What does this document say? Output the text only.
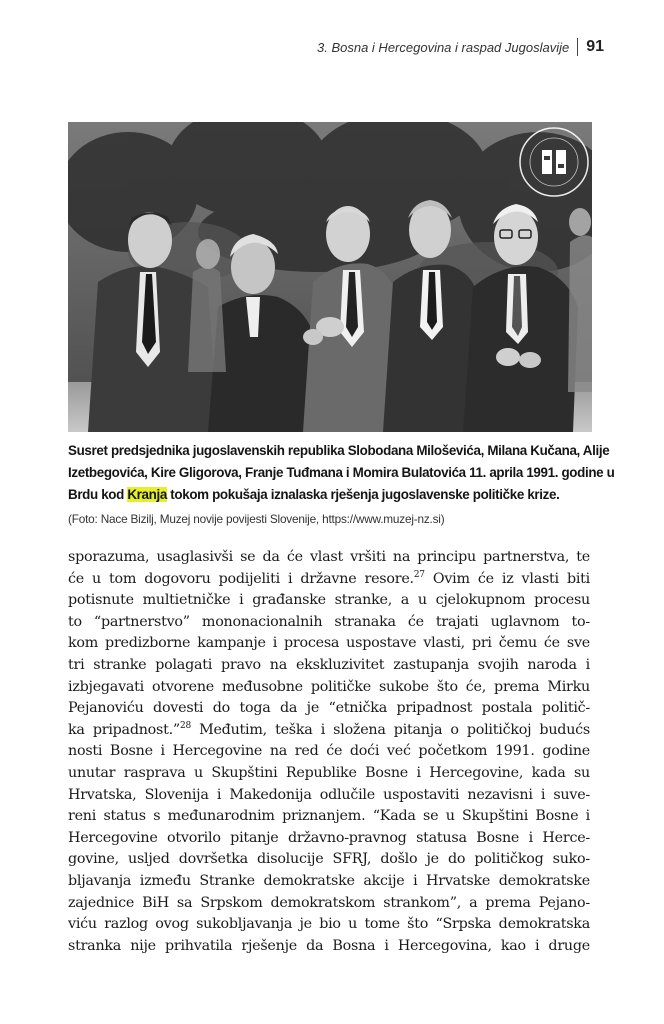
3. Bosna i Hercegovina i raspad Jugoslavije	91
Susret predsjednika jugoslavenskih republika Slobodana Miloševića, Milana Kučana, Alije
Izetbegovića, Kire Gligorova, Franje Tuđmana i Momira Bulatovića 11. aprila 1991. godine u
Brdu kod Kranja tokom pokušaja iznalaska rješenja jugoslavenske političke krize.
(Foto: Nace Bizilj, Muzej novije povijesti Slovenije, https://www.muzej-nz.si)
sporazuma, usaglasivši se da će vlast vršiti na principu partnerstva, te
će u tom dogovoru podijeliti i državne resore.$^{27}$ Ovim će iz vlasti biti
potisnute multietničke i građanske stranke, a u cjelokupnom procesu
to “partnerstvo” mononacionalnih stranaka će trajati uglavnom to-
kom predizborne kampanje i procesa uspostave vlasti, pri čemu će sve
tri stranke polagati pravo na ekskluzivitet zastupanja svojih naroda i
izbjegavati otvorene međusobne političke sukobe što će, prema Mirku
Pejanoviću dovesti do toga da je “etnička pripadnost postala politič-
ka pripadnost.”$^{28}$ Međutim, teška i složena pitanja o političkoj budućs
nosti Bosne i Hercegovine na red će doći već početkom 1991. godine
unutar rasprava u Skupštini Republike Bosne i Hercegovine, kada su
Hrvatska, Slovenija i Makedonija odlučile uspostaviti nezavisni i suve-
reni status s međunarodnim priznanjem. “Kada se u Skupštini Bosne i
Hercegovine otvorilo pitanje državno-pravnog statusa Bosne i Herce-
govine, usljed dovršetka disolucije SFRJ, došlo je do političkog suko-
bljavanja između Stranke demokratske akcije i Hrvatske demokratske
zajednice BiH sa Srpskom demokratskom strankom”, a prema Pejano-
viću razlog ovog sukobljavanja je bio u tome što “Srpska demokratska
stranka nije prihvatila rješenje da Bosna i Hercegovina, kao i druge
